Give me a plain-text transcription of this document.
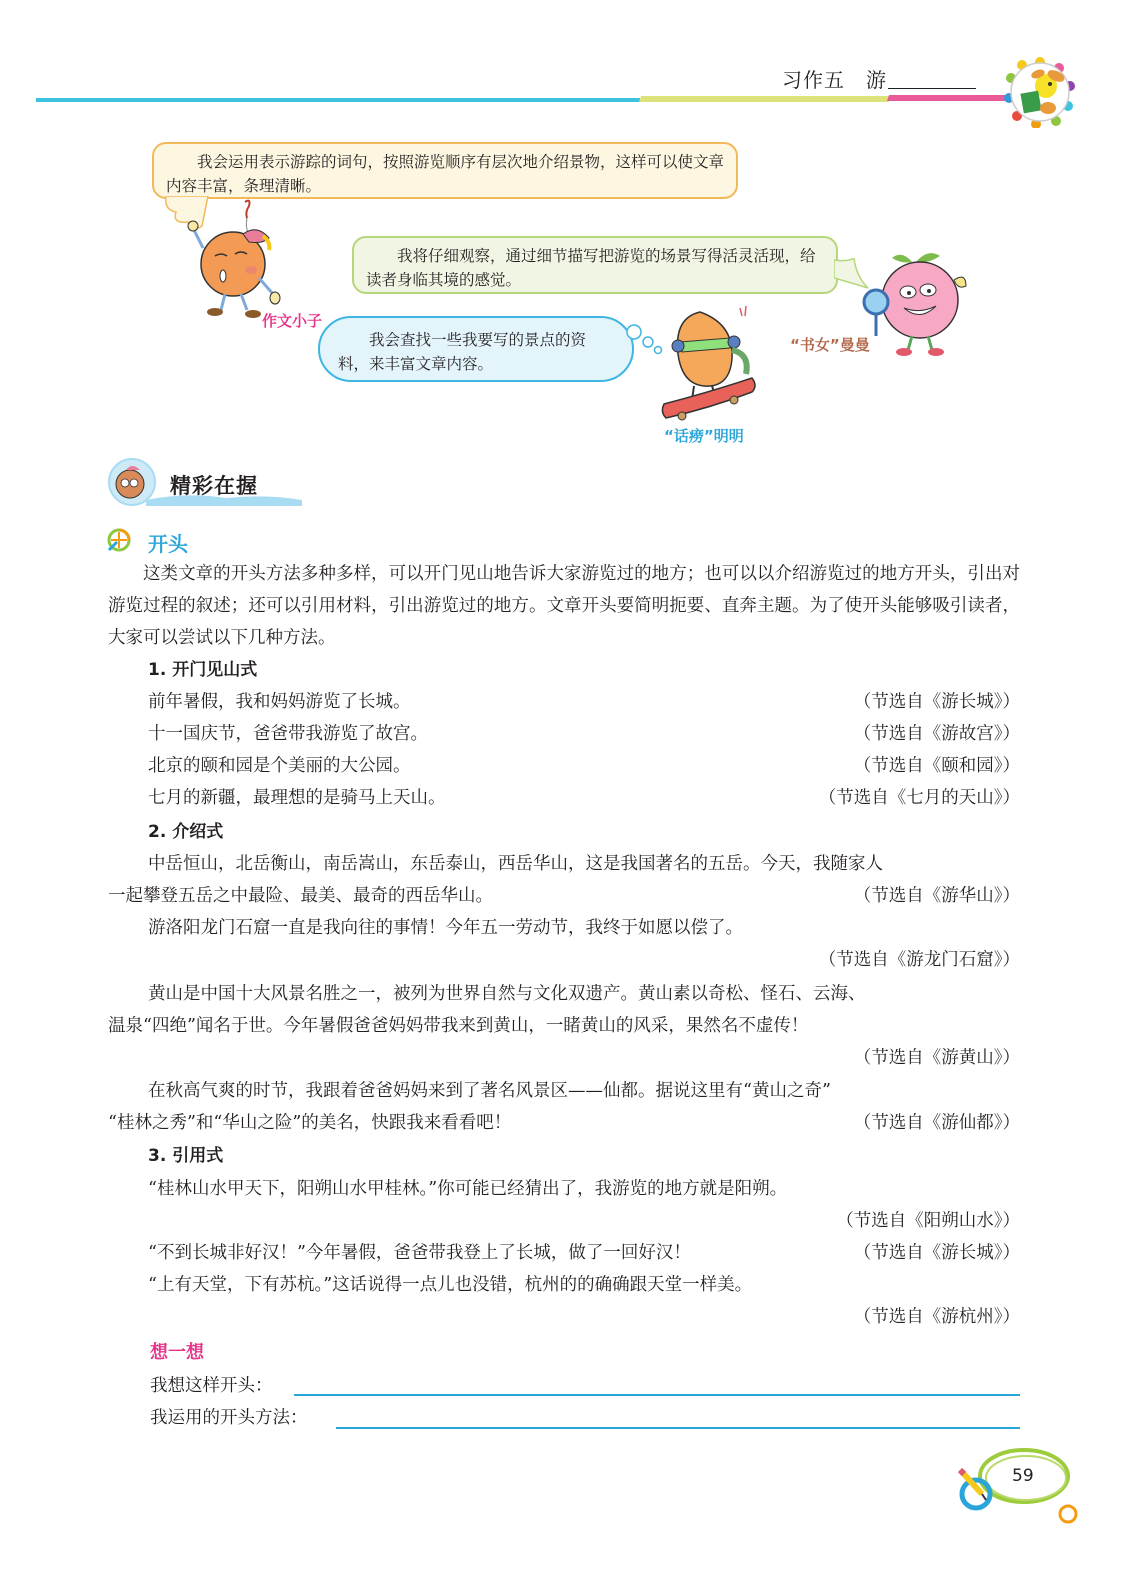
习作五　游
我会运用表示游踪的词句，按照游览顺序有层次地介绍景物，这样可以使文章内容丰富，条理清晰。
作文小子
我将仔细观察，通过细节描写把游览的场景写得活灵活现，给读者身临其境的感觉。
“书女”曼曼
我会查找一些我要写的景点的资料，来丰富文章内容。
“话痨”明明
精彩在握
开头
这类文章的开头方法多种多样，可以开门见山地告诉大家游览过的地方；也可以以介绍游览过的地方开头，引出对游览过程的叙述；还可以引用材料，引出游览过的地方。文章开头要简明扼要、直奔主题。为了使开头能够吸引读者，大家可以尝试以下几种方法。
1. 开门见山式
前年暑假，我和妈妈游览了长城。	（节选自《游长城》）
十一国庆节，爸爸带我游览了故宫。	（节选自《游故宫》）
北京的颐和园是个美丽的大公园。	（节选自《颐和园》）
七月的新疆，最理想的是骑马上天山。	（节选自《七月的天山》）
2. 介绍式
中岳恒山，北岳衡山，南岳嵩山，东岳泰山，西岳华山，这是我国著名的五岳。今天，我随家人
一起攀登五岳之中最险、最美、最奇的西岳华山。	（节选自《游华山》）
游洛阳龙门石窟一直是我向往的事情！今年五一劳动节，我终于如愿以偿了。
（节选自《游龙门石窟》）
黄山是中国十大风景名胜之一，被列为世界自然与文化双遗产。黄山素以奇松、怪石、云海、
温泉“四绝”闻名于世。今年暑假爸爸妈妈带我来到黄山，一睹黄山的风采，果然名不虚传！
（节选自《游黄山》）
在秋高气爽的时节，我跟着爸爸妈妈来到了著名风景区——仙都。据说这里有“黄山之奇”
“桂林之秀”和“华山之险”的美名，快跟我来看看吧！	（节选自《游仙都》）
3. 引用式
“桂林山水甲天下，阳朔山水甲桂林。”你可能已经猜出了，我游览的地方就是阳朔。
（节选自《阳朔山水》）
“不到长城非好汉！”今年暑假，爸爸带我登上了长城，做了一回好汉！	（节选自《游长城》）
“上有天堂，下有苏杭。”这话说得一点儿也没错，杭州的的确确跟天堂一样美。
（节选自《游杭州》）
想一想
我想这样开头：
我运用的开头方法：
59
